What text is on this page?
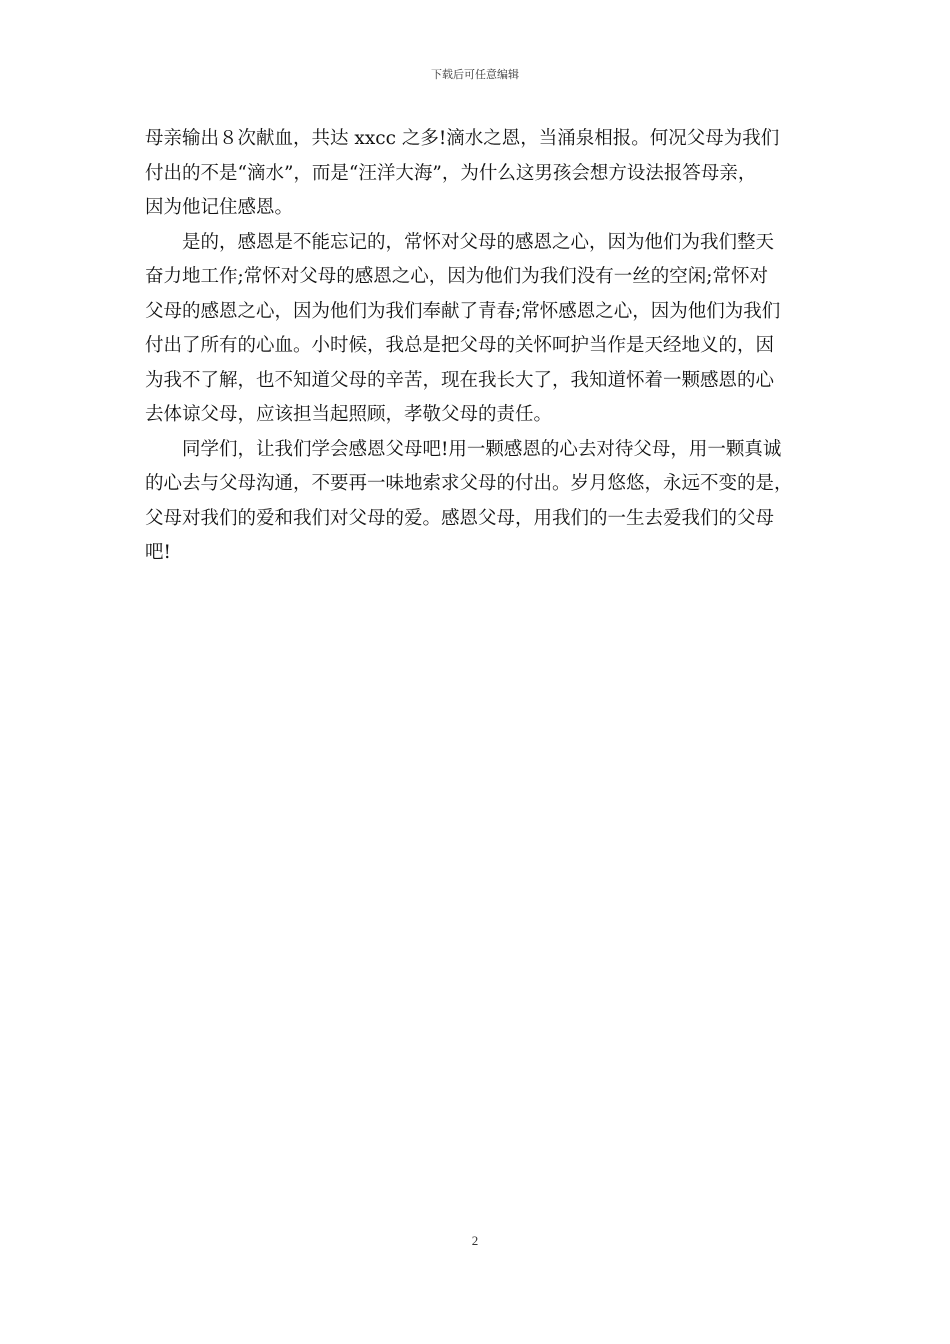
下载后可任意编辑
母亲输出８次献血，共达 xxcc 之多!滴水之恩，当涌泉相报。何况父母为我们
付出的不是“滴水”，而是“汪洋大海”，为什么这男孩会想方设法报答母亲，
因为他记住感恩。
是的，感恩是不能忘记的，常怀对父母的感恩之心，因为他们为我们整天
奋力地工作;常怀对父母的感恩之心，因为他们为我们没有一丝的空闲;常怀对
父母的感恩之心，因为他们为我们奉献了青春;常怀感恩之心，因为他们为我们
付出了所有的心血。小时候，我总是把父母的关怀呵护当作是天经地义的，因
为我不了解，也不知道父母的辛苦，现在我长大了，我知道怀着一颗感恩的心
去体谅父母，应该担当起照顾，孝敬父母的责任。
同学们，让我们学会感恩父母吧!用一颗感恩的心去对待父母，用一颗真诚
的心去与父母沟通，不要再一味地索求父母的付出。岁月悠悠，永远不变的是，
父母对我们的爱和我们对父母的爱。感恩父母，用我们的一生去爱我们的父母
吧!
2
